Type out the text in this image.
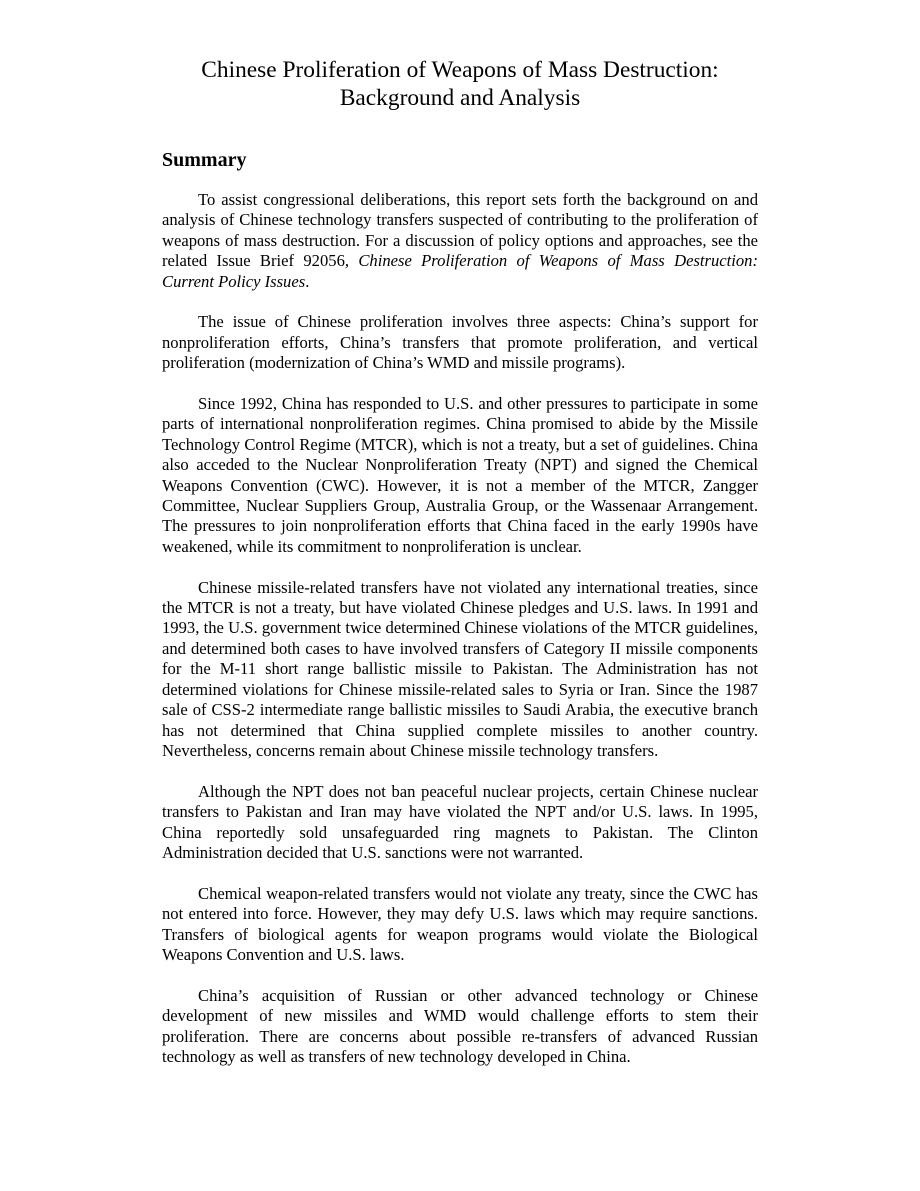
Chinese Proliferation of Weapons of Mass Destruction:
Background and Analysis
Summary

To assist congressional deliberations, this report sets forth the background on and analysis of Chinese technology transfers suspected of contributing to the proliferation of weapons of mass destruction. For a discussion of policy options and approaches, see the related Issue Brief 92056, Chinese Proliferation of Weapons of Mass Destruction: Current Policy Issues.

The issue of Chinese proliferation involves three aspects: China’s support for nonproliferation efforts, China’s transfers that promote proliferation, and vertical proliferation (modernization of China’s WMD and missile programs).

Since 1992, China has responded to U.S. and other pressures to participate in some parts of international nonproliferation regimes. China promised to abide by the Missile Technology Control Regime (MTCR), which is not a treaty, but a set of guidelines. China also acceded to the Nuclear Nonproliferation Treaty (NPT) and signed the Chemical Weapons Convention (CWC). However, it is not a member of the MTCR, Zangger Committee, Nuclear Suppliers Group, Australia Group, or the Wassenaar Arrangement. The pressures to join nonproliferation efforts that China faced in the early 1990s have weakened, while its commitment to nonproliferation is unclear.

Chinese missile-related transfers have not violated any international treaties, since the MTCR is not a treaty, but have violated Chinese pledges and U.S. laws. In 1991 and 1993, the U.S. government twice determined Chinese violations of the MTCR guidelines, and determined both cases to have involved transfers of Category II missile components for the M-11 short range ballistic missile to Pakistan. The Administration has not determined violations for Chinese missile-related sales to Syria or Iran. Since the 1987 sale of CSS-2 intermediate range ballistic missiles to Saudi Arabia, the executive branch has not determined that China supplied complete missiles to another country. Nevertheless, concerns remain about Chinese missile technology transfers.

Although the NPT does not ban peaceful nuclear projects, certain Chinese nuclear transfers to Pakistan and Iran may have violated the NPT and/or U.S. laws. In 1995, China reportedly sold unsafeguarded ring magnets to Pakistan. The Clinton Administration decided that U.S. sanctions were not warranted.

Chemical weapon-related transfers would not violate any treaty, since the CWC has not entered into force. However, they may defy U.S. laws which may require sanctions. Transfers of biological agents for weapon programs would violate the Biological Weapons Convention and U.S. laws.

China’s acquisition of Russian or other advanced technology or Chinese development of new missiles and WMD would challenge efforts to stem their proliferation. There are concerns about possible re-transfers of advanced Russian technology as well as transfers of new technology developed in China.
